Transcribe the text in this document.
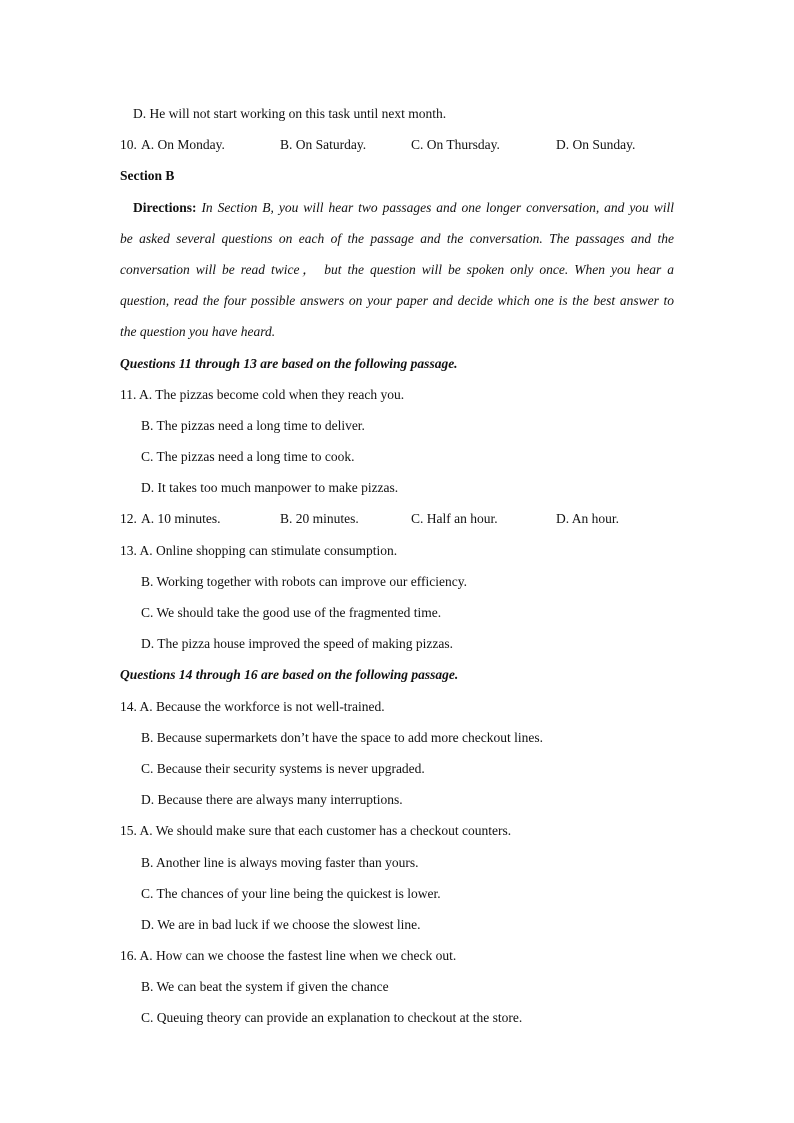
D. He will not start working on this task until next month.
10. A. On Monday.	B. On Saturday.	C. On Thursday.	D. On Sunday.
Section B
Directions: In Section B, you will hear two passages and one longer conversation, and you will
be asked several questions on each of the passage and the conversation. The passages and the
conversation will be read twice， but the question will be spoken only once. When you hear a
question, read the four possible answers on your paper and decide which one is the best answer to
the question you have heard.
Questions 11 through 13 are based on the following passage.
11. A. The pizzas become cold when they reach you.
B. The pizzas need a long time to deliver.
C. The pizzas need a long time to cook.
D. It takes too much manpower to make pizzas.
12. A. 10 minutes.	B. 20 minutes.	C. Half an hour.	D. An hour.
13. A. Online shopping can stimulate consumption.
B. Working together with robots can improve our efficiency.
C. We should take the good use of the fragmented time.
D. The pizza house improved the speed of making pizzas.
Questions 14 through 16 are based on the following passage.
14. A. Because the workforce is not well-trained.
B. Because supermarkets don’t have the space to add more checkout lines.
C. Because their security systems is never upgraded.
D. Because there are always many interruptions.
15. A. We should make sure that each customer has a checkout counters.
B. Another line is always moving faster than yours.
C. The chances of your line being the quickest is lower.
D. We are in bad luck if we choose the slowest line.
16. A. How can we choose the fastest line when we check out.
B. We can beat the system if given the chance
C. Queuing theory can provide an explanation to checkout at the store.
